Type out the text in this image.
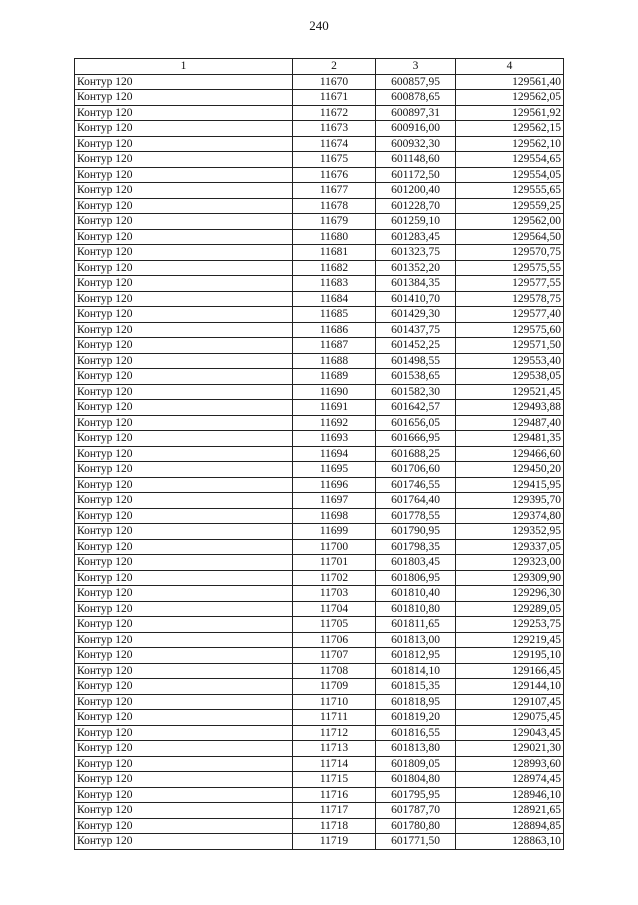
240
1	2	3	4
Контур 120	11670	600857,95	129561,40
Контур 120	11671	600878,65	129562,05
Контур 120	11672	600897,31	129561,92
Контур 120	11673	600916,00	129562,15
Контур 120	11674	600932,30	129562,10
Контур 120	11675	601148,60	129554,65
Контур 120	11676	601172,50	129554,05
Контур 120	11677	601200,40	129555,65
Контур 120	11678	601228,70	129559,25
Контур 120	11679	601259,10	129562,00
Контур 120	11680	601283,45	129564,50
Контур 120	11681	601323,75	129570,75
Контур 120	11682	601352,20	129575,55
Контур 120	11683	601384,35	129577,55
Контур 120	11684	601410,70	129578,75
Контур 120	11685	601429,30	129577,40
Контур 120	11686	601437,75	129575,60
Контур 120	11687	601452,25	129571,50
Контур 120	11688	601498,55	129553,40
Контур 120	11689	601538,65	129538,05
Контур 120	11690	601582,30	129521,45
Контур 120	11691	601642,57	129493,88
Контур 120	11692	601656,05	129487,40
Контур 120	11693	601666,95	129481,35
Контур 120	11694	601688,25	129466,60
Контур 120	11695	601706,60	129450,20
Контур 120	11696	601746,55	129415,95
Контур 120	11697	601764,40	129395,70
Контур 120	11698	601778,55	129374,80
Контур 120	11699	601790,95	129352,95
Контур 120	11700	601798,35	129337,05
Контур 120	11701	601803,45	129323,00
Контур 120	11702	601806,95	129309,90
Контур 120	11703	601810,40	129296,30
Контур 120	11704	601810,80	129289,05
Контур 120	11705	601811,65	129253,75
Контур 120	11706	601813,00	129219,45
Контур 120	11707	601812,95	129195,10
Контур 120	11708	601814,10	129166,45
Контур 120	11709	601815,35	129144,10
Контур 120	11710	601818,95	129107,45
Контур 120	11711	601819,20	129075,45
Контур 120	11712	601816,55	129043,45
Контур 120	11713	601813,80	129021,30
Контур 120	11714	601809,05	128993,60
Контур 120	11715	601804,80	128974,45
Контур 120	11716	601795,95	128946,10
Контур 120	11717	601787,70	128921,65
Контур 120	11718	601780,80	128894,85
Контур 120	11719	601771,50	128863,10
